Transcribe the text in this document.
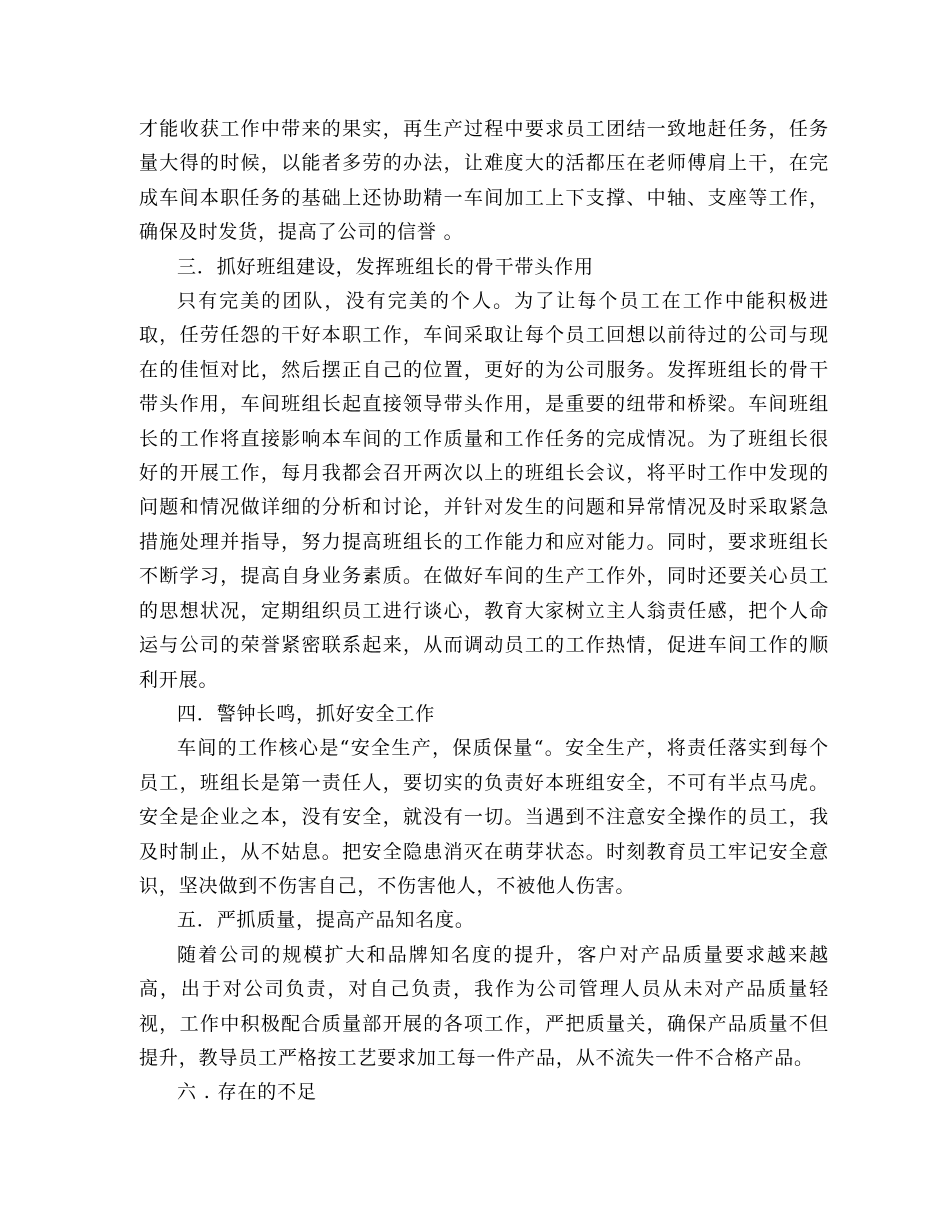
才能收获工作中带来的果实，再生产过程中要求员工团结一致地赶任务，任务量大得的时候，以能者多劳的办法，让难度大的活都压在老师傅肩上干，在完成车间本职任务的基础上还协助精一车间加工上下支撑、中轴、支座等工作，确保及时发货，提高了公司的信誉 。

三．抓好班组建设，发挥班组长的骨干带头作用

只有完美的团队，没有完美的个人。为了让每个员工在工作中能积极进取，任劳任怨的干好本职工作，车间采取让每个员工回想以前待过的公司与现在的佳恒对比，然后摆正自己的位置，更好的为公司服务。发挥班组长的骨干带头作用，车间班组长起直接领导带头作用，是重要的纽带和桥梁。车间班组长的工作将直接影响本车间的工作质量和工作任务的完成情况。为了班组长很好的开展工作，每月我都会召开两次以上的班组长会议，将平时工作中发现的问题和情况做详细的分析和讨论，并针对发生的问题和异常情况及时采取紧急措施处理并指导，努力提高班组长的工作能力和应对能力。同时，要求班组长不断学习，提高自身业务素质。在做好车间的生产工作外，同时还要关心员工的思想状况，定期组织员工进行谈心，教育大家树立主人翁责任感，把个人命运与公司的荣誉紧密联系起来，从而调动员工的工作热情，促进车间工作的顺利开展。

四．警钟长鸣，抓好安全工作

车间的工作核心是“安全生产，保质保量“。安全生产，将责任落实到每个员工，班组长是第一责任人，要切实的负责好本班组安全，不可有半点马虎。安全是企业之本，没有安全，就没有一切。当遇到不注意安全操作的员工，我及时制止，从不姑息。把安全隐患消灭在萌芽状态。时刻教育员工牢记安全意识，坚决做到不伤害自己，不伤害他人，不被他人伤害。

五．严抓质量，提高产品知名度。

随着公司的规模扩大和品牌知名度的提升，客户对产品质量要求越来越高，出于对公司负责，对自己负责，我作为公司管理人员从未对产品质量轻视，工作中积极配合质量部开展的各项工作，严把质量关，确保产品质量不但提升，教导员工严格按工艺要求加工每一件产品，从不流失一件不合格产品。

六 . 存在的不足
